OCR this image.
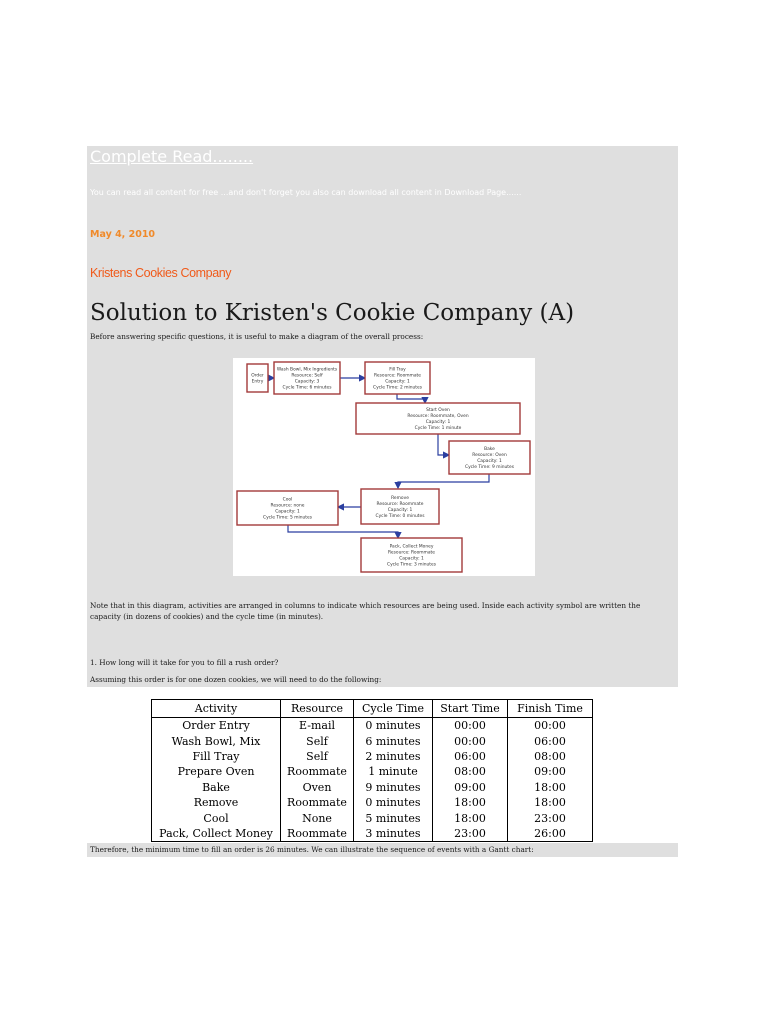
Complete Read........
You can read all content for free ...and don't forget you also can download all content in Download Page......
May 4, 2010
Kristens Cookies Company
Solution to Kristen's Cookie Company (A)
Before answering specific questions, it is useful to make a diagram of the overall process:
Order
Entry
Wash Bowl, Mix Ingredients
Resource: Self
Capacity: 3
Cycle Time: 6 minutes
Fill Tray
Resource: Roommate
Capacity: 1
Cycle Time: 2 minutes
Start Oven
Resource: Roommate, Oven
Capacity: 1
Cycle Time: 1 minute
Bake
Resource: Oven
Capacity: 1
Cycle Time: 9 minutes
Remove
Resource: Roommate
Capacity: 1
Cycle Time: 0 minutes
Cool
Resource: none
Capacity: 1
Cycle Time: 5 minutes
Pack, Collect Money
Resource: Roommate
Capacity: 1
Cycle Time: 3 minutes
Note that in this diagram, activities are arranged in columns to indicate which resources are being used. Inside each activity symbol are written the capacity (in dozens of cookies) and the cycle time (in minutes).
1. How long will it take for you to fill a rush order?
Assuming this order is for one dozen cookies, we will need to do the following:
Activity	Resource	Cycle Time	Start Time	Finish Time
Order Entry	E-mail	0 minutes	00:00	00:00
Wash Bowl, Mix	Self	6 minutes	00:00	06:00
Fill Tray	Self	2 minutes	06:00	08:00
Prepare Oven	Roommate	1 minute	08:00	09:00
Bake	Oven	9 minutes	09:00	18:00
Remove	Roommate	0 minutes	18:00	18:00
Cool	None	5 minutes	18:00	23:00
Pack, Collect Money	Roommate	3 minutes	23:00	26:00
Therefore, the minimum time to fill an order is 26 minutes. We can illustrate the sequence of events with a Gantt chart:
